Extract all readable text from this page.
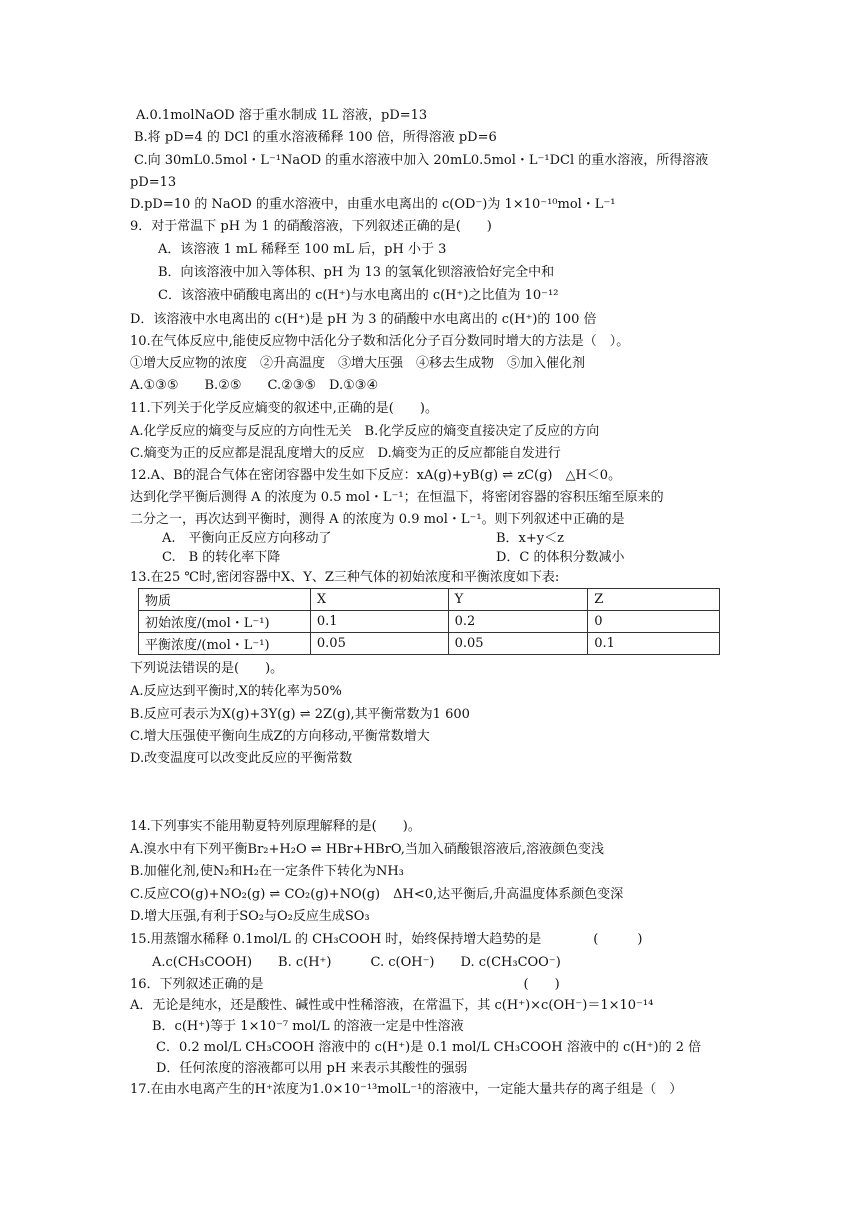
A.0.1molNaOD 溶于重水制成 1L 溶液，pD=13
B.将 pD=4 的 DCl 的重水溶液稀释 100 倍，所得溶液 pD=6
C.向 30mL0.5mol・L⁻¹NaOD 的重水溶液中加入 20mL0.5mol・L⁻¹DCl 的重水溶液，所得溶液
pD=13
D.pD=10 的 NaOD 的重水溶液中，由重水电离出的 c(OD⁻)为 1×10⁻¹⁰mol・L⁻¹
9．对于常温下 pH 为 1 的硝酸溶液，下列叙述正确的是(　　)
A．该溶液 1 mL 稀释至 100 mL 后，pH 小于 3
B．向该溶液中加入等体积、pH 为 13 的氢氧化钡溶液恰好完全中和
C．该溶液中硝酸电离出的 c(H⁺)与水电离出的 c(H⁺)之比值为 10⁻¹²
D．该溶液中水电离出的 c(H⁺)是 pH 为 3 的硝酸中水电离出的 c(H⁺)的 100 倍
10.在气体反应中,能使反应物中活化分子数和活化分子百分数同时增大的方法是（　）。
①增大反应物的浓度　②升高温度　③增大压强　④移去生成物　⑤加入催化剂
A.①③⑤　　B.②⑤　　C.②③⑤　D.①③④
11.下列关于化学反应熵变的叙述中,正确的是(　　)。
A.化学反应的熵变与反应的方向性无关　B.化学反应的熵变直接决定了反应的方向
C.熵变为正的反应都是混乱度增大的反应　D.熵变为正的反应都能自发进行
12.A、B的混合气体在密闭容器中发生如下反应：xA(g)+yB(g) ⇌ zC(g)　△H＜0。
达到化学平衡后测得 A 的浓度为 0.5 mol・L⁻¹；在恒温下，将密闭容器的容积压缩至原来的
二分之一，再次达到平衡时，测得 A 的浓度为 0.9 mol・L⁻¹。则下列叙述中正确的是
A.　平衡向正反应方向移动了	B．x+y＜z
C.　B 的转化率下降	D．C 的体积分数减小
13.在25 ℃时,密闭容器中X、Y、Z三种气体的初始浓度和平衡浓度如下表:
物质	X	Y	Z
初始浓度/(mol・L⁻¹)	0.1	0.2	0
平衡浓度/(mol・L⁻¹)	0.05	0.05	0.1
下列说法错误的是(　　)。
A.反应达到平衡时,X的转化率为50%
B.反应可表示为X(g)+3Y(g) ⇌ 2Z(g),其平衡常数为1 600
C.增大压强使平衡向生成Z的方向移动,平衡常数增大
D.改变温度可以改变此反应的平衡常数
14.下列事实不能用勒夏特列原理解释的是(　　)。
A.溴水中有下列平衡Br₂+H₂O ⇌ HBr+HBrO,当加入硝酸银溶液后,溶液颜色变浅
B.加催化剂,使N₂和H₂在一定条件下转化为NH₃
C.反应CO(g)+NO₂(g) ⇌ CO₂(g)+NO(g)　ΔH<0,达平衡后,升高温度体系颜色变深
D.增大压强,有利于SO₂与O₂反应生成SO₃
15.用蒸馏水稀释 0.1mol/L 的 CH₃COOH 时，始终保持增大趋势的是　　　　(　　　)
A.c(CH₃COOH)　　B. c(H⁺)　　　C. c(OH⁻)　　D. c(CH₃COO⁻)
16．下列叙述正确的是　　　　　　　　　　　　　　　　　　　　(　　)
A．无论是纯水，还是酸性、碱性或中性稀溶液，在常温下，其 c(H⁺)×c(OH⁻)＝1×10⁻¹⁴
B．c(H⁺)等于 1×10⁻⁷ mol/L 的溶液一定是中性溶液
C．0.2 mol/L CH₃COOH 溶液中的 c(H⁺)是 0.1 mol/L CH₃COOH 溶液中的 c(H⁺)的 2 倍
D．任何浓度的溶液都可以用 pH 来表示其酸性的强弱
17.在由水电离产生的H⁺浓度为1.0×10⁻¹³molL⁻¹的溶液中，一定能大量共存的离子组是（　）
